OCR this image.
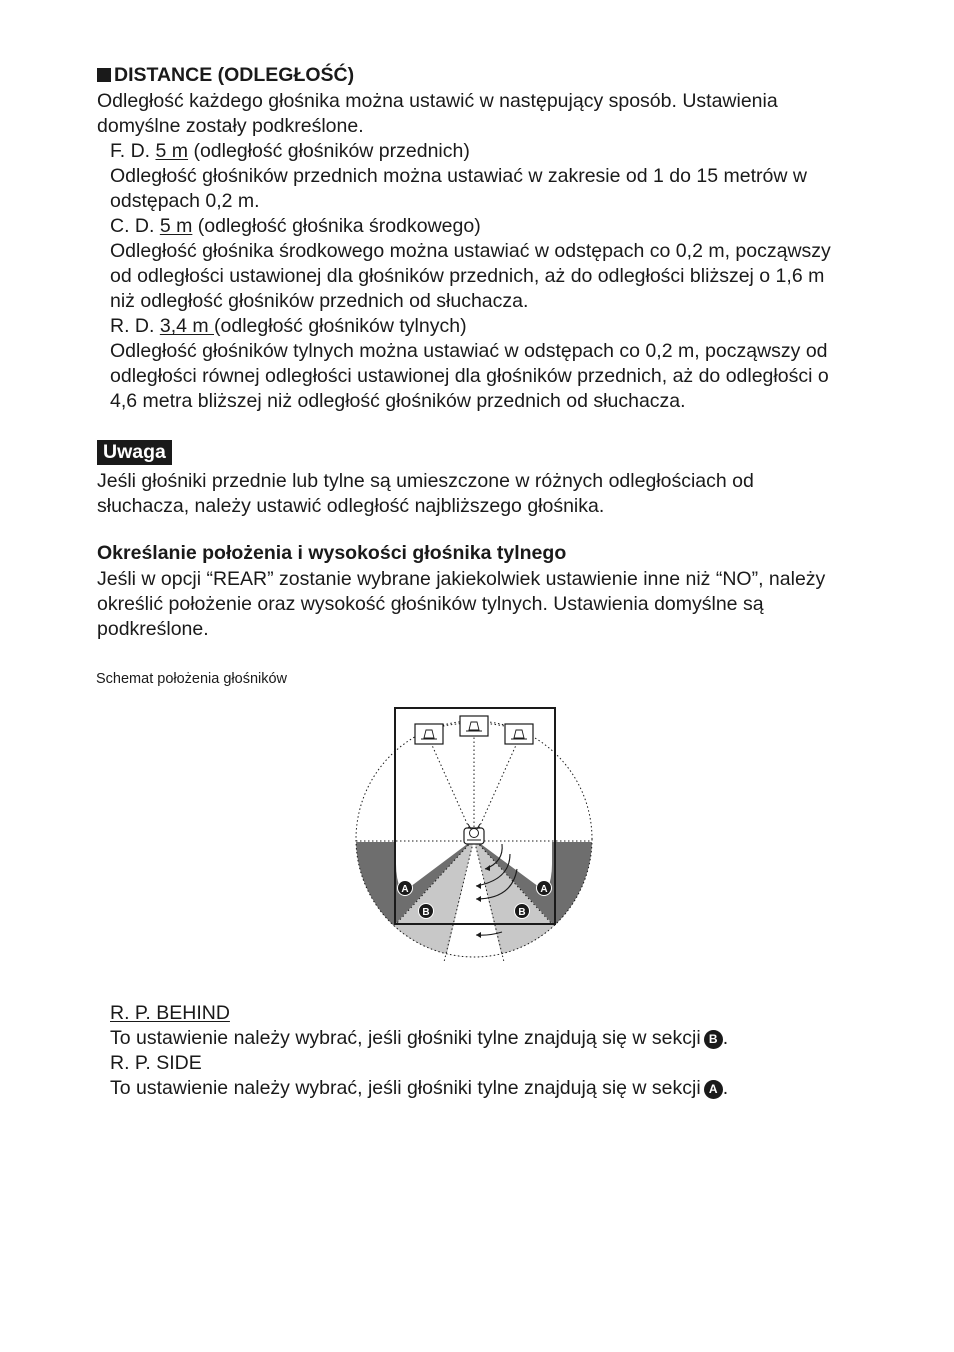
DISTANCE (ODLEGŁOŚĆ)
Odległość każdego głośnika można ustawić w następujący sposób. Ustawienia
domyślne zostały podkreślone.
F. D. 5 m (odległość głośników przednich)
Odległość głośników przednich można ustawiać w zakresie od 1 do 15 metrów w
odstępach 0,2 m.
C. D. 5 m (odległość głośnika środkowego)
Odległość głośnika środkowego można ustawiać w odstępach co 0,2 m, począwszy
od odległości ustawionej dla głośników przednich, aż do odległości bliższej o 1,6 m
niż odległość głośników przednich od słuchacza.
R. D. 3,4 m (odległość głośników tylnych)
Odległość głośników tylnych można ustawiać w odstępach co 0,2 m, począwszy od
odległości równej odległości ustawionej dla głośników przednich, aż do odległości o
4,6 metra bliższej niż odległość głośników przednich od słuchacza.
Uwaga
Jeśli głośniki przednie lub tylne są umieszczone w różnych odległościach od
słuchacza, należy ustawić odległość najbliższego głośnika.
Określanie położenia i wysokości głośnika tylnego
Jeśli w opcji “REAR” zostanie wybrane jakiekolwiek ustawienie inne niż “NO”, należy
określić położenie oraz wysokość głośników tylnych. Ustawienia domyślne są
podkreślone.
Schemat położenia głośników
A	A
B	B
R. P. BEHIND
To ustawienie należy wybrać, jeśli głośniki tylne znajdują się w sekcji B .
R. P. SIDE
To ustawienie należy wybrać, jeśli głośniki tylne znajdują się w sekcji A .
